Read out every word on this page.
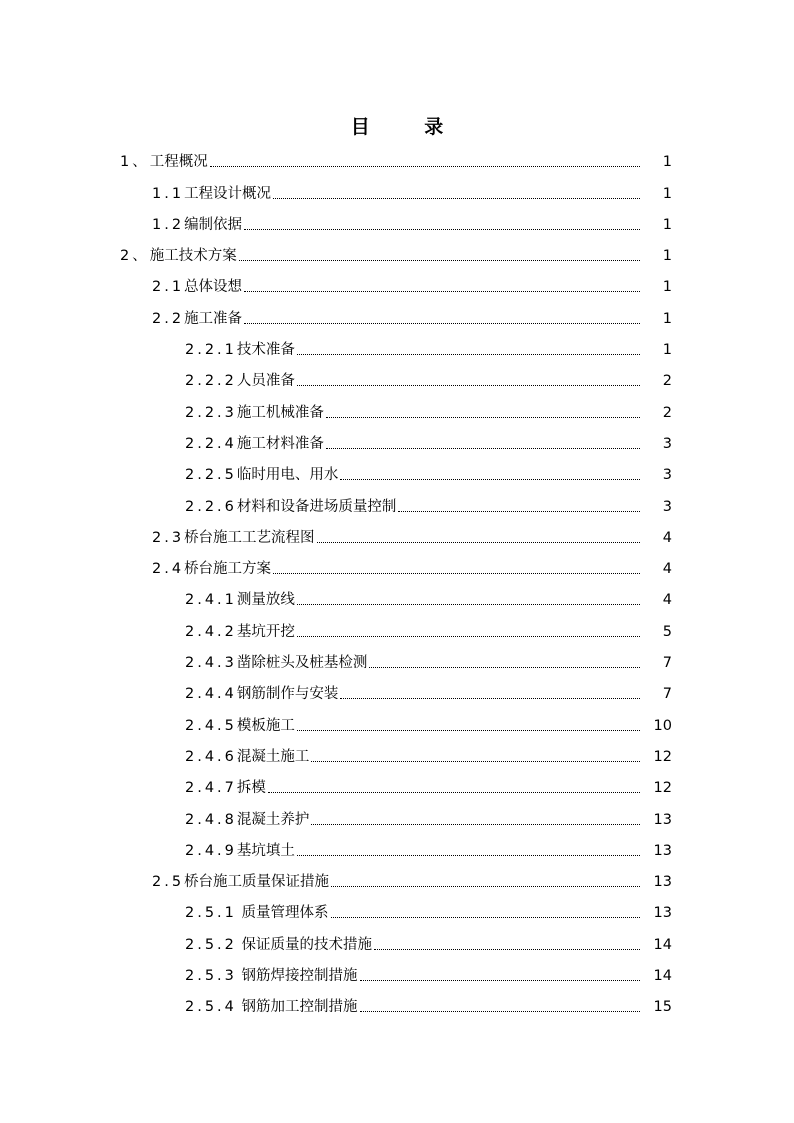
目 录
1、工程概况	1
1.1工程设计概况	1
1.2编制依据	1
2、施工技术方案	1
2.1总体设想	1
2.2施工准备	1
2.2.1技术准备	1
2.2.2人员准备	2
2.2.3施工机械准备	2
2.2.4施工材料准备	3
2.2.5临时用电、用水	3
2.2.6材料和设备进场质量控制	3
2.3桥台施工工艺流程图	4
2.4桥台施工方案	4
2.4.1测量放线	4
2.4.2基坑开挖	5
2.4.3凿除桩头及桩基检测	7
2.4.4钢筋制作与安装	7
2.4.5模板施工	10
2.4.6混凝土施工	12
2.4.7拆模	12
2.4.8混凝土养护	13
2.4.9基坑填土	13
2.5桥台施工质量保证措施	13
2.5.1 质量管理体系	13
2.5.2 保证质量的技术措施	14
2.5.3 钢筋焊接控制措施	14
2.5.4 钢筋加工控制措施	15
